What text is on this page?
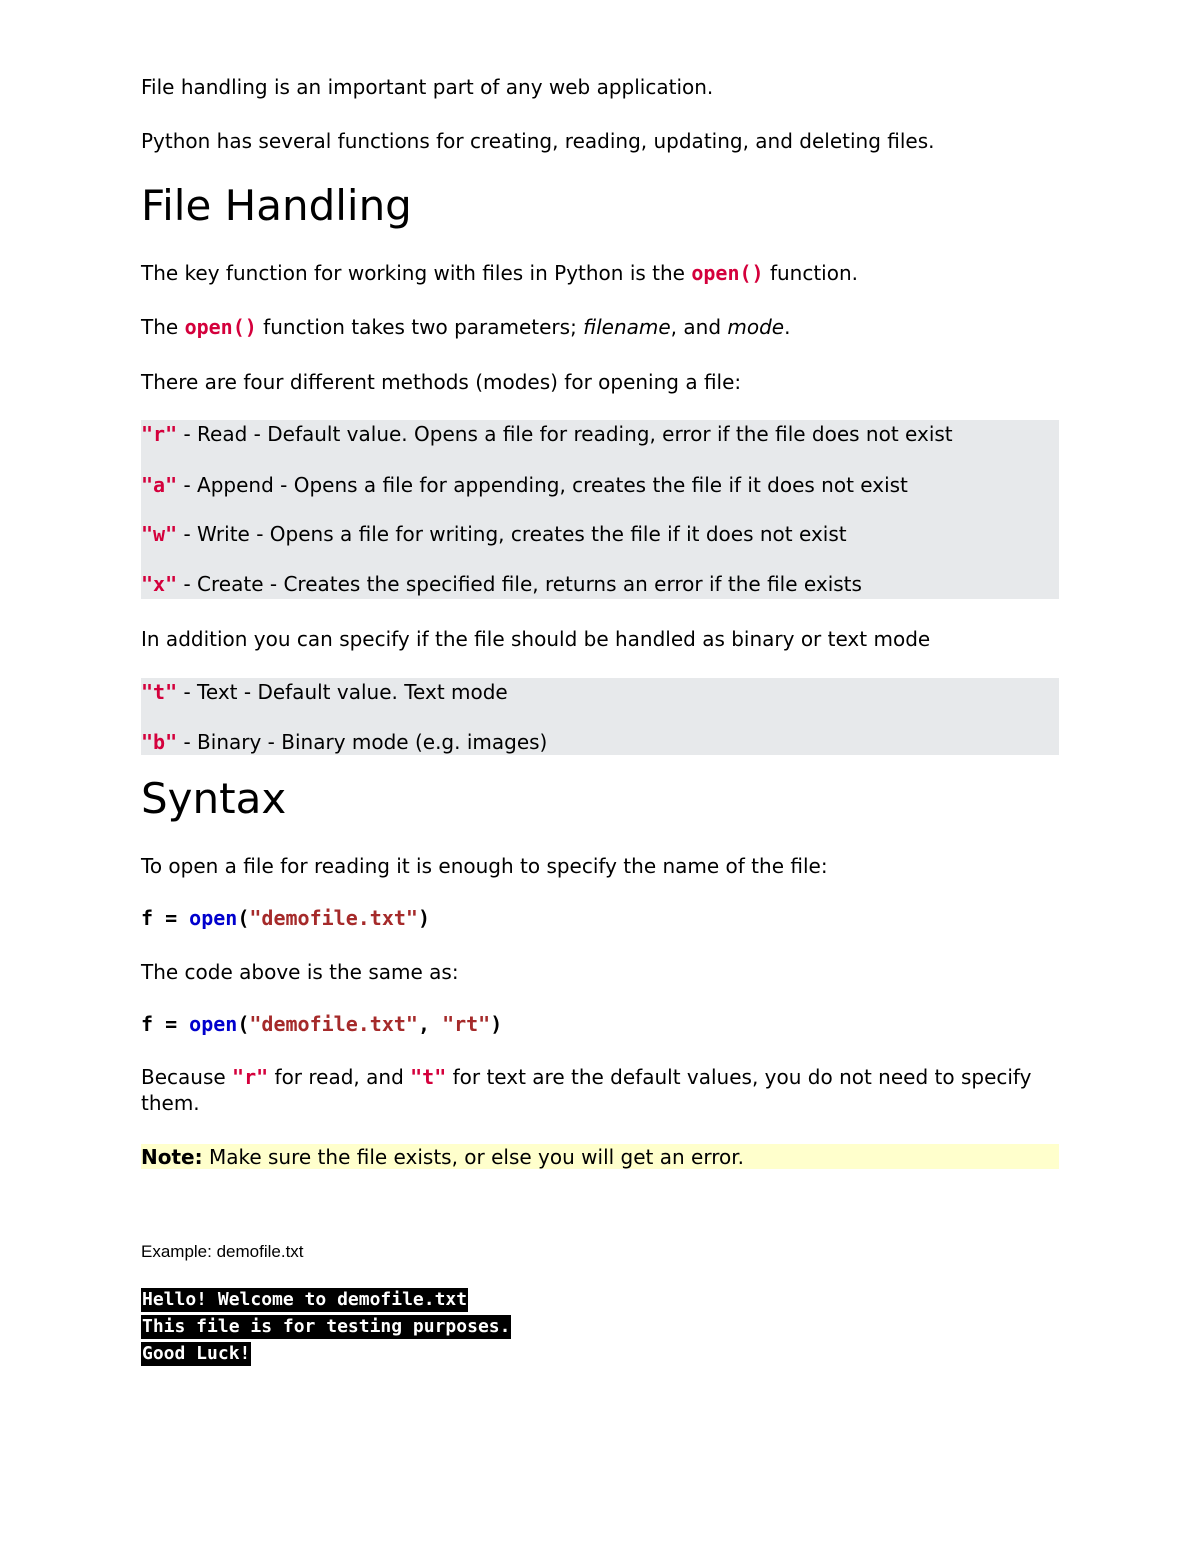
File handling is an important part of any web application.
Python has several functions for creating, reading, updating, and deleting files.
File Handling
The key function for working with files in Python is the open() function.
The open() function takes two parameters; filename, and mode.
There are four different methods (modes) for opening a file:
"r" - Read - Default value. Opens a file for reading, error if the file does not exist
"a" - Append - Opens a file for appending, creates the file if it does not exist
"w" - Write - Opens a file for writing, creates the file if it does not exist
"x" - Create - Creates the specified file, returns an error if the file exists
In addition you can specify if the file should be handled as binary or text mode
"t" - Text - Default value. Text mode
"b" - Binary - Binary mode (e.g. images)
Syntax
To open a file for reading it is enough to specify the name of the file:
f = open("demofile.txt")
The code above is the same as:
f = open("demofile.txt", "rt")
Because "r" for read, and "t" for text are the default values, you do not need to specify them.
Note: Make sure the file exists, or else you will get an error.
Example: demofile.txt
Hello! Welcome to demofile.txt
This file is for testing purposes.
Good Luck!
